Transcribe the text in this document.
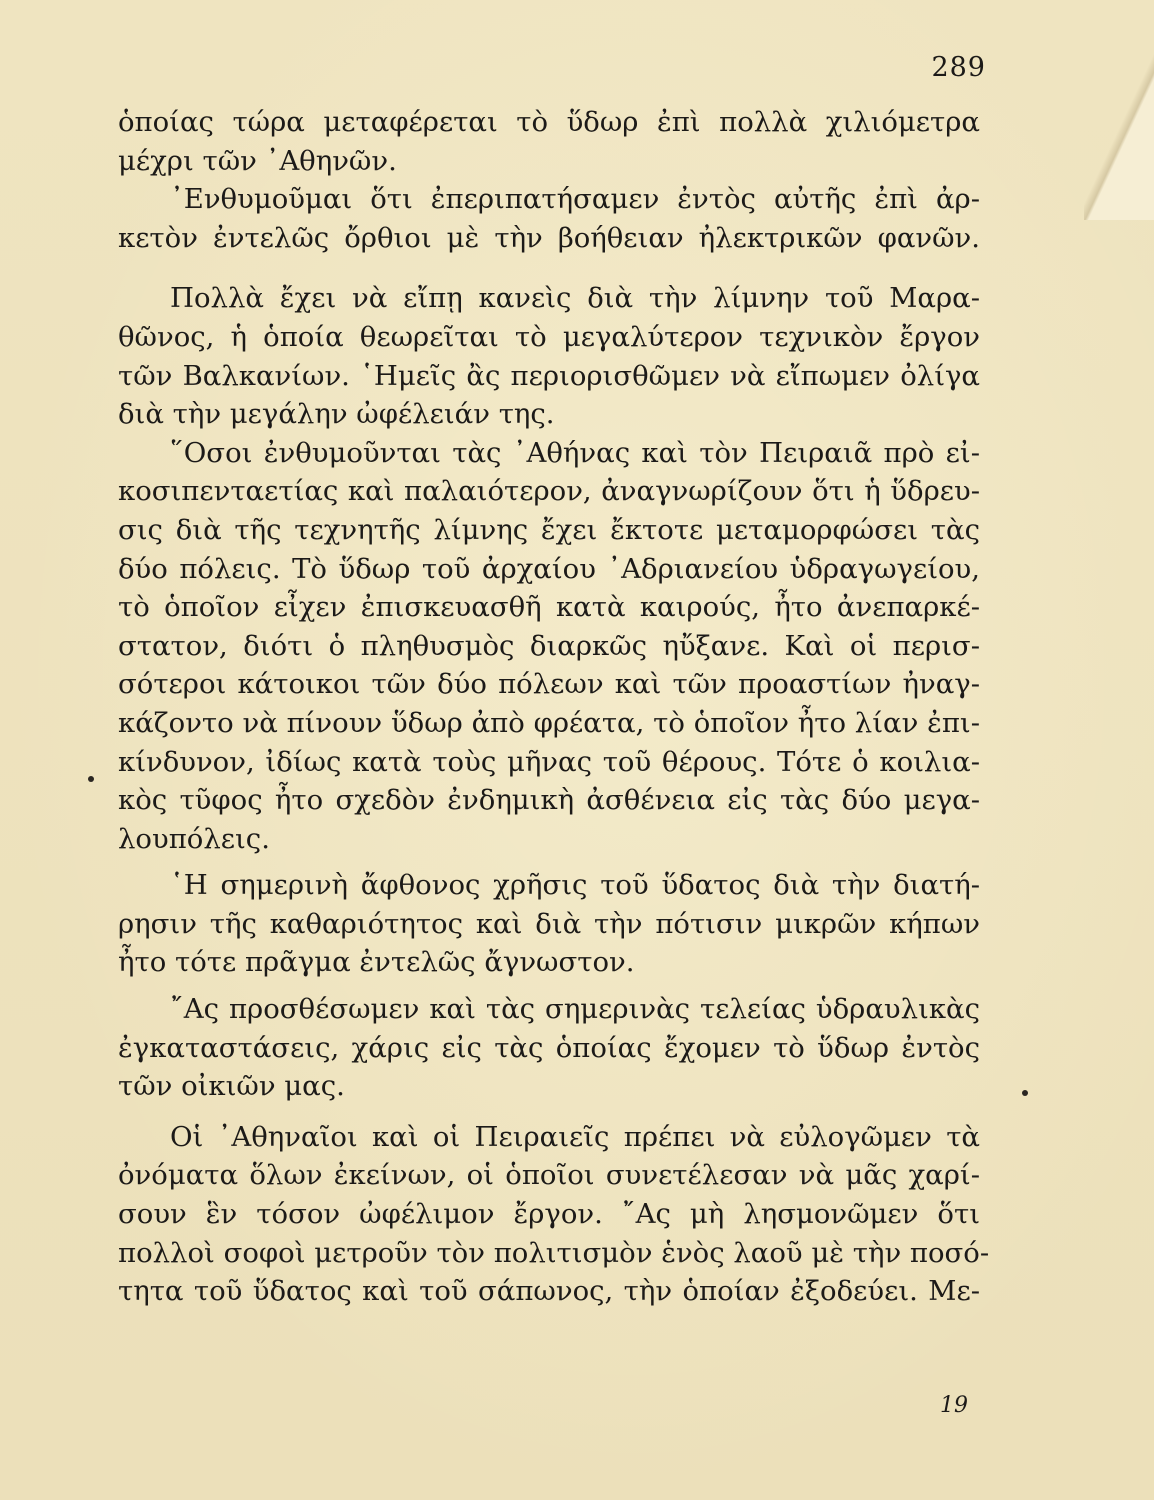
289

ὁποίας τώρα μεταφέρεται τὸ ὕδωρ ἐπὶ πολλὰ χιλιόμετρα
μέχρι τῶν ᾽Αθηνῶν.

᾽Ενθυμοῦμαι ὅτι ἐπεριπατήσαμεν ἐντὸς αὐτῆς ἐπὶ ἀρ-
κετὸν ἐντελῶς ὄρθιοι μὲ τὴν βοήθειαν ἠλεκτρικῶν φανῶν.

Πολλὰ ἔχει νὰ εἴπῃ κανεὶς διὰ τὴν λίμνην τοῦ Μαρα-
θῶνος, ἡ ὁποία θεωρεῖται τὸ μεγαλύτερον τεχνικὸν ἔργον
τῶν Βαλκανίων. ῾Ημεῖς ἂς περιορισθῶμεν νὰ εἴπωμεν ὀλίγα
διὰ τὴν μεγάλην ὠφέλειάν της.

῞Οσοι ἐνθυμοῦνται τὰς ᾽Αθήνας καὶ τὸν Πειραιᾶ πρὸ εἰ-
κοσιπενταετίας καὶ παλαιότερον, ἀναγνωρίζουν ὅτι ἡ ὕδρευ-
σις διὰ τῆς τεχνητῆς λίμνης ἔχει ἔκτοτε μεταμορφώσει τὰς
δύο πόλεις. Τὸ ὕδωρ τοῦ ἀρχαίου ᾽Αδριανείου ὑδραγωγείου,
τὸ ὁποῖον εἶχεν ἐπισκευασθῆ κατὰ καιρούς, ἦτο ἀνεπαρκέ-
στατον, διότι ὁ πληθυσμὸς διαρκῶς ηὔξανε. Καὶ οἱ περισ-
σότεροι κάτοικοι τῶν δύο πόλεων καὶ τῶν προαστίων ἠναγ-
κάζοντο νὰ πίνουν ὕδωρ ἀπὸ φρέατα, τὸ ὁποῖον ἦτο λίαν ἐπι-
κίνδυνον, ἰδίως κατὰ τοὺς μῆνας τοῦ θέρους. Τότε ὁ κοιλια-
κὸς τῦφος ἦτο σχεδὸν ἐνδημικὴ ἀσθένεια εἰς τὰς δύο μεγα-
λουπόλεις.

῾Η σημερινὴ ἄφθονος χρῆσις τοῦ ὕδατος διὰ τὴν διατή-
ρησιν τῆς καθαριότητος καὶ διὰ τὴν πότισιν μικρῶν κήπων
ἦτο τότε πρᾶγμα ἐντελῶς ἄγνωστον.

῎Ας προσθέσωμεν καὶ τὰς σημερινὰς τελείας ὑδραυλικὰς
ἐγκαταστάσεις, χάρις εἰς τὰς ὁποίας ἔχομεν τὸ ὕδωρ ἐντὸς
τῶν οἰκιῶν μας.

Οἱ ᾽Αθηναῖοι καὶ οἱ Πειραιεῖς πρέπει νὰ εὐλογῶμεν τὰ
ὀνόματα ὅλων ἐκείνων, οἱ ὁποῖοι συνετέλεσαν νὰ μᾶς χαρί-
σουν ἓν τόσον ὠφέλιμον ἔργον. ῎Ας μὴ λησμονῶμεν ὅτι
πολλοὶ σοφοὶ μετροῦν τὸν πολιτισμὸν ἑνὸς λαοῦ μὲ τὴν ποσό-
τητα τοῦ ὕδατος καὶ τοῦ σάπωνος, τὴν ὁποίαν ἐξοδεύει. Με-

19
